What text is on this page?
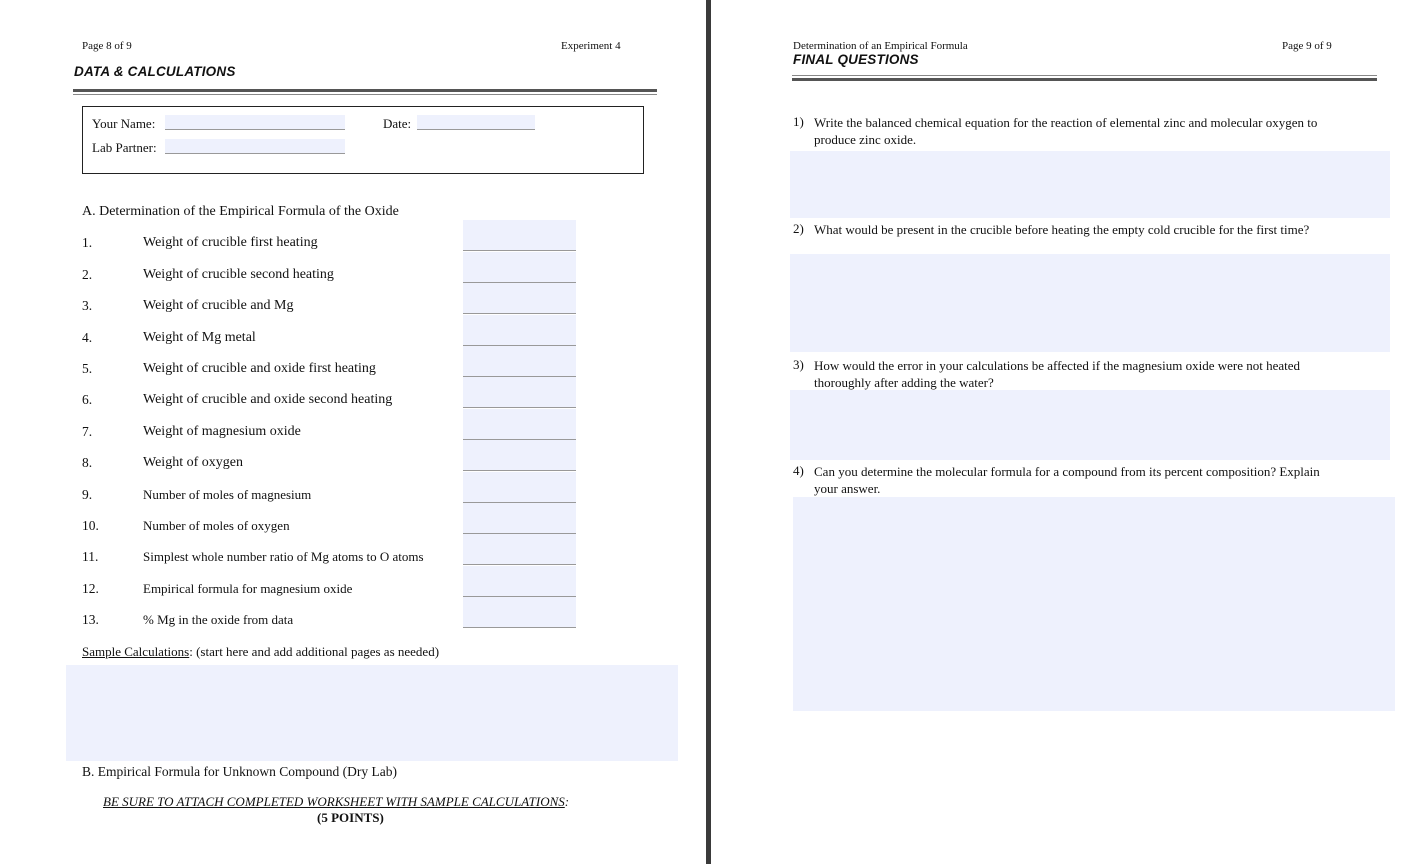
Page 8 of 9	Experiment 4
DATA & CALCULATIONS
Your Name:	Date:
Lab Partner:
A. Determination of the Empirical Formula of the Oxide
1.	Weight of crucible first heating
2.	Weight of crucible second heating
3.	Weight of crucible and Mg
4.	Weight of Mg metal
5.	Weight of crucible and oxide first heating
6.	Weight of crucible and oxide second heating
7.	Weight of magnesium oxide
8.	Weight of oxygen
9.	Number of moles of magnesium
10.	Number of moles of oxygen
11.	Simplest whole number ratio of Mg atoms to O atoms
12.	Empirical formula for magnesium oxide
13.	% Mg in the oxide from data
Sample Calculations: (start here and add additional pages as needed)
B. Empirical Formula for Unknown Compound (Dry Lab)
BE SURE TO ATTACH COMPLETED WORKSHEET WITH SAMPLE CALCULATIONS:
(5 POINTS)
Determination of an Empirical Formula	Page 9 of 9
FINAL QUESTIONS
1) Write the balanced chemical equation for the reaction of elemental zinc and molecular oxygen to produce zinc oxide.
2) What would be present in the crucible before heating the empty cold crucible for the first time?
3) How would the error in your calculations be affected if the magnesium oxide were not heated thoroughly after adding the water?
4) Can you determine the molecular formula for a compound from its percent composition? Explain your answer.
